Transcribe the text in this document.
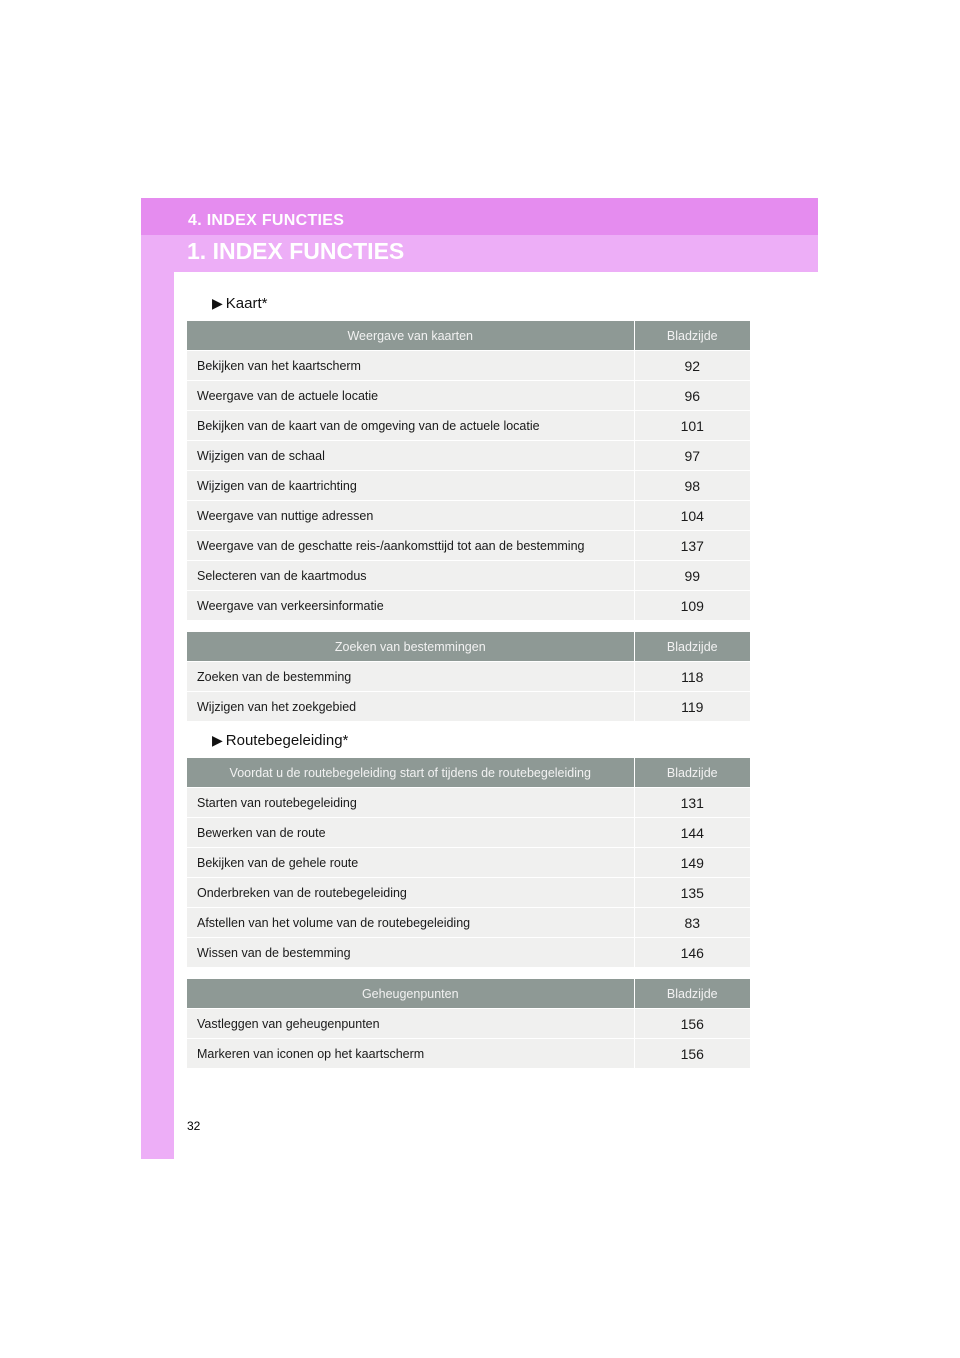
4. INDEX FUNCTIES
1. INDEX FUNCTIES
▶ Kaart*
Weergave van kaarten	Bladzijde
Bekijken van het kaartscherm	92
Weergave van de actuele locatie	96
Bekijken van de kaart van de omgeving van de actuele locatie	101
Wijzigen van de schaal	97
Wijzigen van de kaartrichting	98
Weergave van nuttige adressen	104
Weergave van de geschatte reis-/aankomsttijd tot aan de bestemming	137
Selecteren van de kaartmodus	99
Weergave van verkeersinformatie	109
Zoeken van bestemmingen	Bladzijde
Zoeken van de bestemming	118
Wijzigen van het zoekgebied	119
▶ Routebegeleiding*
Voordat u de routebegeleiding start of tijdens de routebegeleiding	Bladzijde
Starten van routebegeleiding	131
Bewerken van de route	144
Bekijken van de gehele route	149
Onderbreken van de routebegeleiding	135
Afstellen van het volume van de routebegeleiding	83
Wissen van de bestemming	146
Geheugenpunten	Bladzijde
Vastleggen van geheugenpunten	156
Markeren van iconen op het kaartscherm	156
32
